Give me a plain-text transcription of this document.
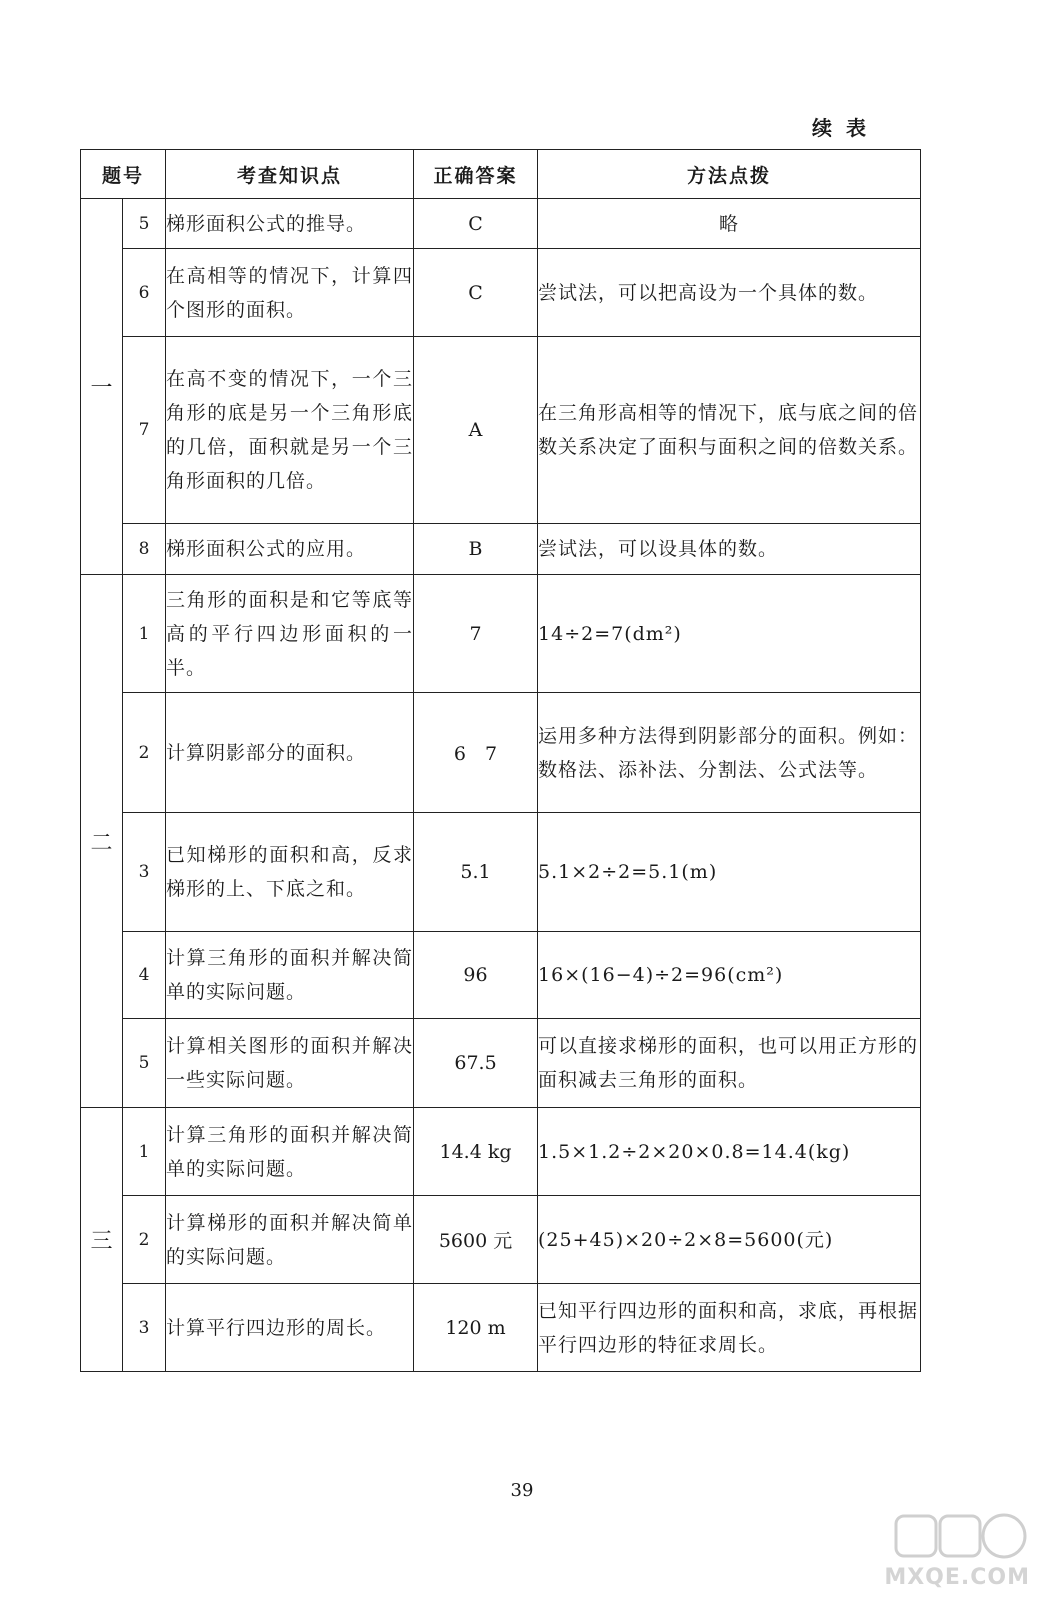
续表
题号		考查知识点	正确答案	方法点拨
一	5	梯形面积公式的推导。	C	略
	6	在高相等的情况下，计算四个图形的面积。	C	尝试法，可以把高设为一个具体的数。
	7	在高不变的情况下，一个三角形的底是另一个三角形底的几倍，面积就是另一个三角形面积的几倍。	A	在三角形高相等的情况下，底与底之间的倍数关系决定了面积与面积之间的倍数关系。
	8	梯形面积公式的应用。	B	尝试法，可以设具体的数。
二	1	三角形的面积是和它等底等高的平行四边形面积的一半。	7	14÷2=7(dm²)
	2	计算阴影部分的面积。	6　7	运用多种方法得到阴影部分的面积。例如：数格法、添补法、分割法、公式法等。
	3	已知梯形的面积和高，反求梯形的上、下底之和。	5.1	5.1×2÷2=5.1(m)
	4	计算三角形的面积并解决简单的实际问题。	96	16×(16−4)÷2=96(cm²)
	5	计算相关图形的面积并解决一些实际问题。	67.5	可以直接求梯形的面积，也可以用正方形的面积减去三角形的面积。
三	1	计算三角形的面积并解决简单的实际问题。	14.4 kg	1.5×1.2÷2×20×0.8=14.4(kg)
	2	计算梯形的面积并解决简单的实际问题。	5600 元	(25+45)×20÷2×8=5600(元)
	3	计算平行四边形的周长。	120 m	已知平行四边形的面积和高，求底，再根据平行四边形的特征求周长。
39
MXQE.COM
